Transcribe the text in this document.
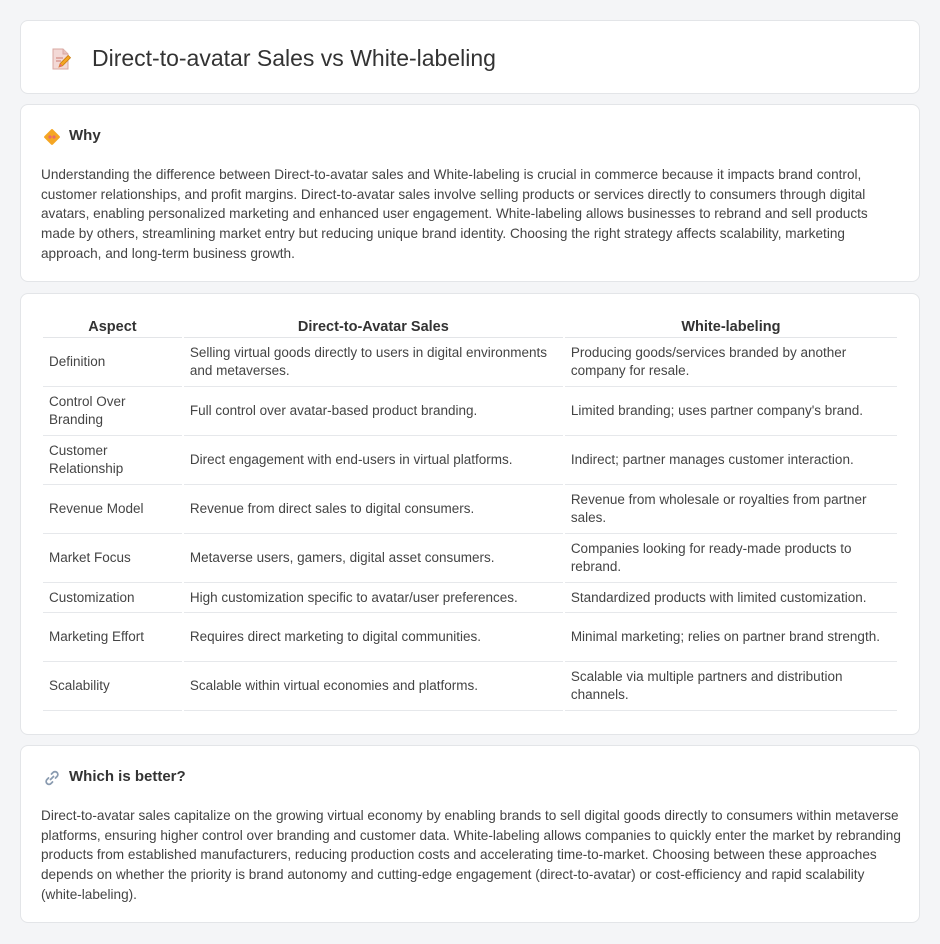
Direct-to-avatar Sales vs White-labeling
Why

Understanding the difference between Direct-to-avatar sales and White-labeling is crucial in commerce because it impacts brand control, customer relationships, and profit margins. Direct-to-avatar sales involve selling products or services directly to consumers through digital avatars, enabling personalized marketing and enhanced user engagement. White-labeling allows businesses to rebrand and sell products made by others, streamlining market entry but reducing unique brand identity. Choosing the right strategy affects scalability, marketing approach, and long-term business growth.

Aspect	Direct-to-Avatar Sales	White-labeling
Definition	Selling virtual goods directly to users in digital environments and metaverses.	Producing goods/services branded by another company for resale.
Control Over Branding	Full control over avatar-based product branding.	Limited branding; uses partner company's brand.
Customer Relationship	Direct engagement with end-users in virtual platforms.	Indirect; partner manages customer interaction.
Revenue Model	Revenue from direct sales to digital consumers.	Revenue from wholesale or royalties from partner sales.
Market Focus	Metaverse users, gamers, digital asset consumers.	Companies looking for ready-made products to rebrand.
Customization	High customization specific to avatar/user preferences.	Standardized products with limited customization.
Marketing Effort	Requires direct marketing to digital communities.	Minimal marketing; relies on partner brand strength.
Scalability	Scalable within virtual economies and platforms.	Scalable via multiple partners and distribution channels.
Which is better?

Direct-to-avatar sales capitalize on the growing virtual economy by enabling brands to sell digital goods directly to consumers within metaverse platforms, ensuring higher control over branding and customer data. White-labeling allows companies to quickly enter the market by rebranding products from established manufacturers, reducing production costs and accelerating time-to-market. Choosing between these approaches depends on whether the priority is brand autonomy and cutting-edge engagement (direct-to-avatar) or cost-efficiency and rapid scalability (white-labeling).
